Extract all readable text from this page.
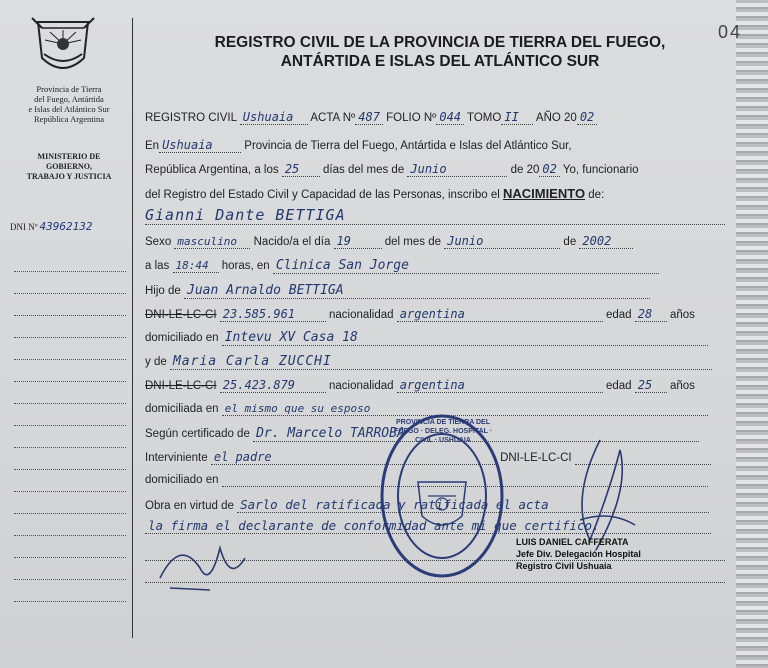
Provincia de Tierra
del Fuego, Antártida
e Islas del Atlántico Sur
República Argentina
MINISTERIO DE
GOBIERNO,
TRABAJO Y JUSTICIA
DNI Nº 43962132
04
REGISTRO CIVIL DE LA PROVINCIA DE TIERRA DEL FUEGO,
ANTÁRTIDA E ISLAS DEL ATLÁNTICO SUR
REGISTRO CIVIL Ushuaia ACTA Nº 487 FOLIO Nº 044 TOMO II AÑO 20 02
En Ushuaia	Provincia de Tierra del Fuego, Antártida e Islas del Atlántico Sur,
República Argentina, a los 25 días del mes de Junio	de 20 02 Yo, funcionario
del Registro del Estado Civil y Capacidad de las Personas, inscribo el NACIMIENTO de:
Gianni Dante BETTIGA
Sexo masculino Nacido/a el día 19	del mes de Junio	de 2002
a las 18:44 horas, en Clinica San Jorge
Hijo de Juan Arnaldo BETTIGA
DNI-LE-LC-CI 23.585.961	nacionalidad argentina	edad 28 años
domiciliado en Intevu XV Casa 18
y de Maria Carla ZUCCHI
DNI-LE-LC-CI 25.423.879	nacionalidad argentina	edad 25 años
domiciliada en el mismo que su esposo
Según certificado de Dr. Marcelo TARROBA
Interviniente el padre	DNI-LE-LC-CI
domiciliado en
Obra en virtud de Sarlo del ratificada y ratificada el acta
la firma el declarante de conformidad ante mi que certifico.
PROVINCIA DE TIERRA DEL FUEGO · DELEG. HOSPITAL · CIVIL · USHUAIA
LUIS DANIEL CAFFERATA
Jefe Div. Delegación Hospital
Registro Civil Ushuaia
